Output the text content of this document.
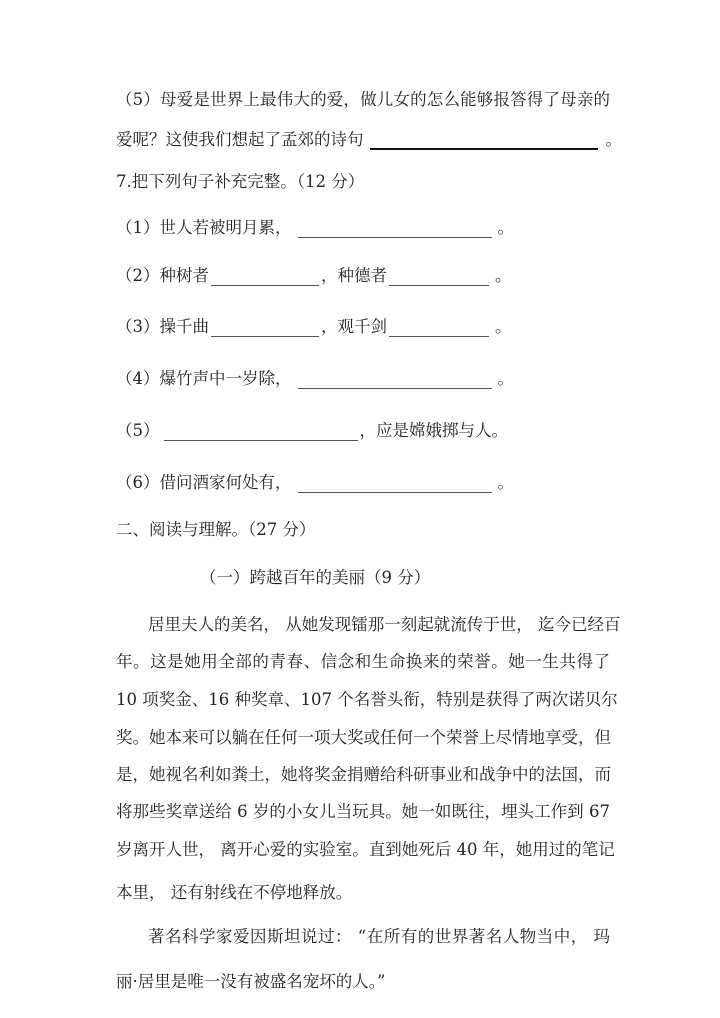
（5）母爱是世界上最伟大的爱，做儿女的怎么能够报答得了母亲的
爱呢？这使我们想起了孟郊的诗句	。
7.把下列句子补充完整。（12 分）
（1）世人若被明月累，	。
（2）种树者	，种德者	。
（3）操千曲	，观千剑	。
（4）爆竹声中一岁除，	。
（5）	，应是嫦娥掷与人。
（6）借问酒家何处有，	。
二、阅读与理解。（27 分）
（一）跨越百年的美丽（9 分）
居里夫人的美名， 从她发现镭那一刻起就流传于世， 迄今已经百
年。这是她用全部的青春、信念和生命换来的荣誉。她一生共得了
10 项奖金、16 种奖章、107 个名誉头衔，特别是获得了两次诺贝尔
奖。她本来可以躺在任何一项大奖或任何一个荣誉上尽情地享受，但
是，她视名利如粪土，她将奖金捐赠给科研事业和战争中的法国，而
将那些奖章送给 6 岁的小女儿当玩具。她一如既往，埋头工作到 67
岁离开人世， 离开心爱的实验室。直到她死后 40 年，她用过的笔记
本里， 还有射线在不停地释放。
著名科学家爱因斯坦说过： “在所有的世界著名人物当中， 玛
丽·居里是唯一没有被盛名宠坏的人。”
